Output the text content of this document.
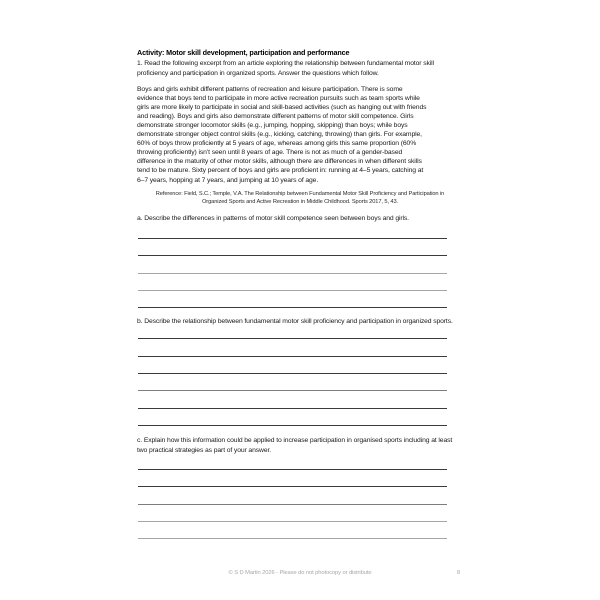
Activity: Motor skill development, participation and performance
1. Read the following excerpt from an article exploring the relationship between fundamental motor skill proficiency and participation in organized sports. Answer the questions which follow.
Boys and girls exhibit different patterns of recreation and leisure participation. There is some
evidence that boys tend to participate in more active recreation pursuits such as team sports while
girls are more likely to participate in social and skill-based activities (such as hanging out with friends
and reading). Boys and girls also demonstrate different patterns of motor skill competence. Girls
demonstrate stronger locomotor skills (e.g., jumping, hopping, skipping) than boys; while boys
demonstrate stronger object control skills (e.g., kicking, catching, throwing) than girls. For example,
60% of boys throw proficiently at 5 years of age, whereas among girls this same proportion (60%
throwing proficiently) isn’t seen until 8 years of age. There is not as much of a gender-based
difference in the maturity of other motor skills, although there are differences in when different skills
tend to be mature. Sixty percent of boys and girls are proficient in: running at 4–5 years, catching at
6–7 years, hopping at 7 years, and jumping at 10 years of age.
Reference: Field, S.C.; Temple, V.A. The Relationship between Fundamental Motor Skill Proficiency and Participation in
Organized Sports and Active Recreation in Middle Childhood. Sports 2017, 5, 43.
a. Describe the differences in patterns of motor skill competence seen between boys and girls.
b. Describe the relationship between fundamental motor skill proficiency and participation in organized sports.
c. Explain how this information could be applied to increase participation in organised sports including at least two practical strategies as part of your answer.
© S D Martin 2026 - Please do not photocopy or distribute	8
